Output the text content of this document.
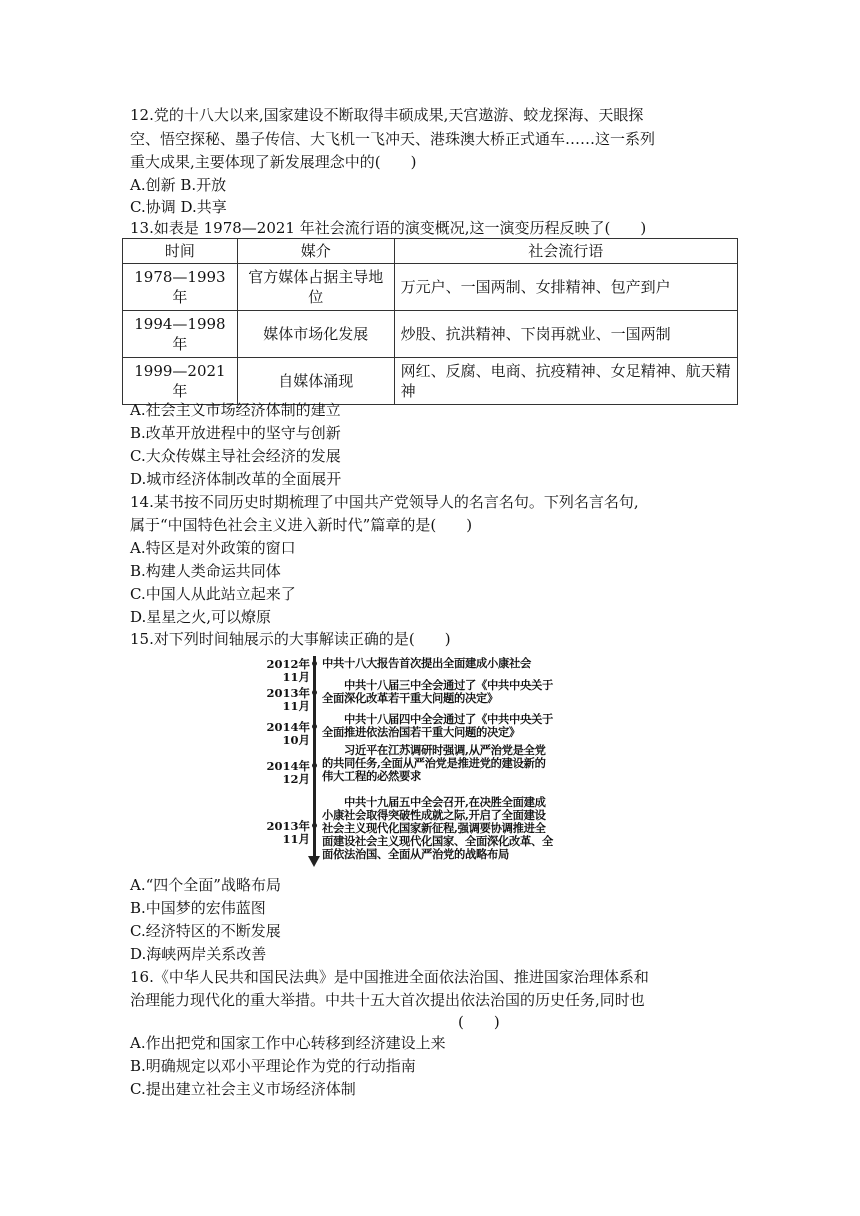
12.党的十八大以来,国家建设不断取得丰硕成果,天宫遨游、蛟龙探海、天眼探
空、悟空探秘、墨子传信、大飞机一飞冲天、港珠澳大桥正式通车……这一系列
重大成果,主要体现了新发展理念中的(　　)
A.创新 B.开放
C.协调 D.共享
13.如表是 1978—2021 年社会流行语的演变概况,这一演变历程反映了(　　)
时间	媒介	社会流行语
1978—1993年	官方媒体占据主导地位	万元户、一国两制、女排精神、包产到户
1994—1998年	媒体市场化发展	炒股、抗洪精神、下岗再就业、一国两制
1999—2021年	自媒体涌现	网红、反腐、电商、抗疫精神、女足精神、航天精神
A.社会主义市场经济体制的建立
B.改革开放进程中的坚守与创新
C.大众传媒主导社会经济的发展
D.城市经济体制改革的全面展开
14.某书按不同历史时期梳理了中国共产党领导人的名言名句。下列名言名句,
属于“中国特色社会主义进入新时代”篇章的是(　　)
A.特区是对外政策的窗口
B.构建人类命运共同体
C.中国人从此站立起来了
D.星星之火,可以燎原
15.对下列时间轴展示的大事解读正确的是(　　)
2012年
11月
中共十八大报告首次提出全面建成小康社会
2013年
11月
中共十八届三中全会通过了《中共中央关于
全面深化改革若干重大问题的决定》
2014年
10月
中共十八届四中全会通过了《中共中央关于
全面推进依法治国若干重大问题的决定》
2014年
12月
习近平在江苏调研时强调,从严治党是全党
的共同任务,全面从严治党是推进党的建设新的
伟大工程的必然要求
2013年
11月
中共十九届五中全会召开,在决胜全面建成
小康社会取得突破性成就之际,开启了全面建设
社会主义现代化国家新征程,强调要协调推进全
面建设社会主义现代化国家、全面深化改革、全
面依法治国、全面从严治党的战略布局
A.“四个全面”战略布局
B.中国梦的宏伟蓝图
C.经济特区的不断发展
D.海峡两岸关系改善
16.《中华人民共和国民法典》是中国推进全面依法治国、推进国家治理体系和
治理能力现代化的重大举措。中共十五大首次提出依法治国的历史任务,同时也
(　　)
A.作出把党和国家工作中心转移到经济建设上来
B.明确规定以邓小平理论作为党的行动指南
C.提出建立社会主义市场经济体制
